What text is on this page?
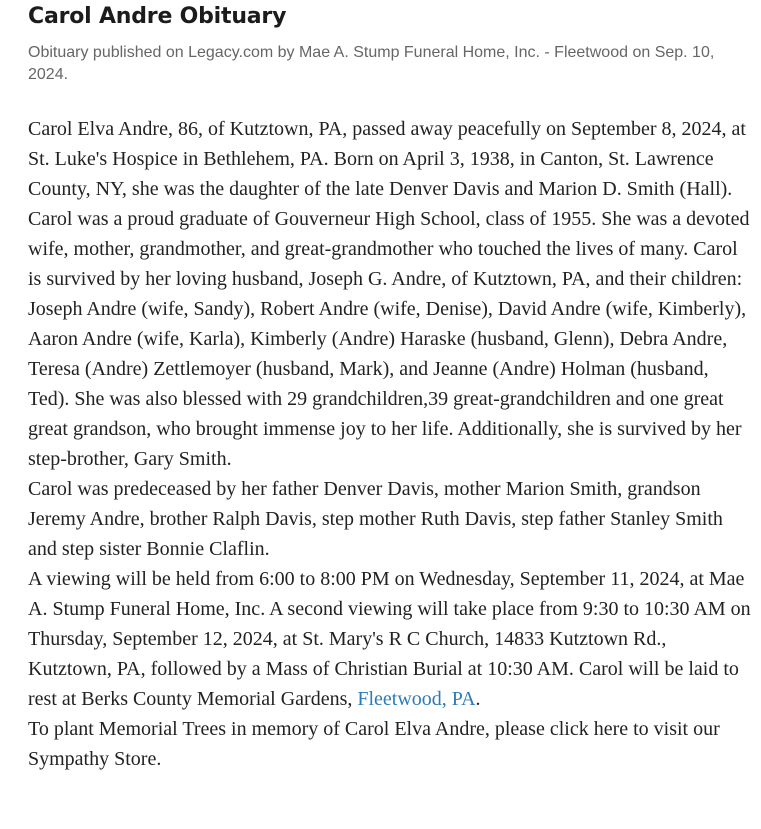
Carol Andre Obituary

Obituary published on Legacy.com by Mae A. Stump Funeral Home, Inc. - Fleetwood on Sep. 10, 2024.

Carol Elva Andre, 86, of Kutztown, PA, passed away peacefully on September 8, 2024, at St. Luke's Hospice in Bethlehem, PA. Born on April 3, 1938, in Canton, St. Lawrence County, NY, she was the daughter of the late Denver Davis and Marion D. Smith (Hall).

Carol was a proud graduate of Gouverneur High School, class of 1955. She was a devoted wife, mother, grandmother, and great-grandmother who touched the lives of many. Carol is survived by her loving husband, Joseph G. Andre, of Kutztown, PA, and their children: Joseph Andre (wife, Sandy), Robert Andre (wife, Denise), David Andre (wife, Kimberly), Aaron Andre (wife, Karla), Kimberly (Andre) Haraske (husband, Glenn), Debra Andre, Teresa (Andre) Zettlemoyer (husband, Mark), and Jeanne (Andre) Holman (husband, Ted). She was also blessed with 29 grandchildren,39 great-grandchildren and one great great grandson, who brought immense joy to her life. Additionally, she is survived by her step-brother, Gary Smith.

Carol was predeceased by her father Denver Davis, mother Marion Smith, grandson Jeremy Andre, brother Ralph Davis, step mother Ruth Davis, step father Stanley Smith and step sister Bonnie Claflin.

A viewing will be held from 6:00 to 8:00 PM on Wednesday, September 11, 2024, at Mae A. Stump Funeral Home, Inc. A second viewing will take place from 9:30 to 10:30 AM on Thursday, September 12, 2024, at St. Mary's R C Church, 14833 Kutztown Rd., Kutztown, PA, followed by a Mass of Christian Burial at 10:30 AM. Carol will be laid to rest at Berks County Memorial Gardens, Fleetwood, PA.

To plant Memorial Trees in memory of Carol Elva Andre, please click here to visit our Sympathy Store.
